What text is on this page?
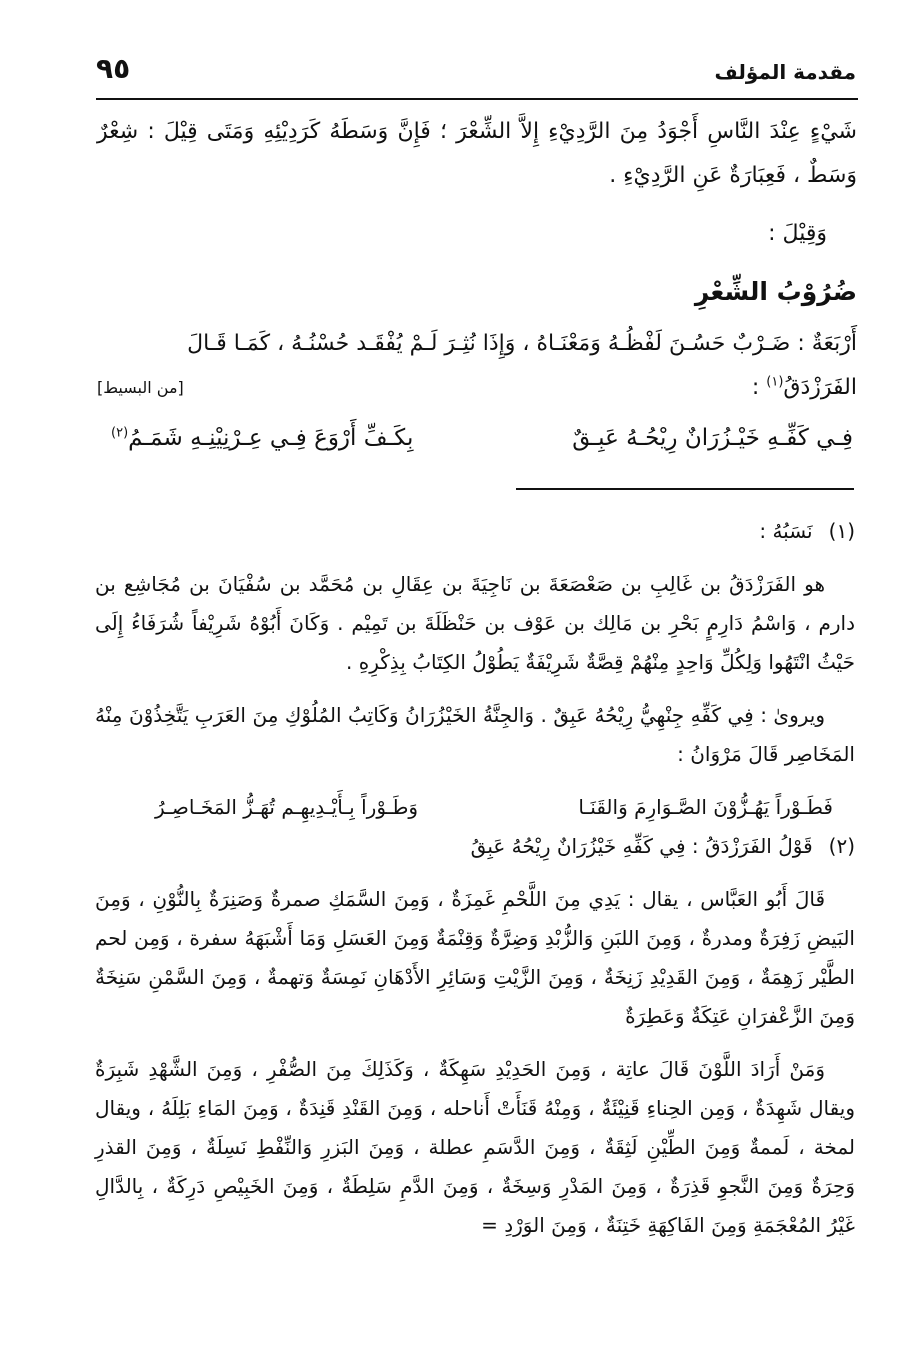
مقدمة المؤلف
٩٥

شَيْءٍ عِنْدَ النَّاسِ أَجْوَدُ مِنَ الرَّدِيْءِ إِلاَّ الشِّعْرَ ؛ فَإِنَّ وَسَطَهُ كَرَدِيْئِهِ وَمَتَى قِيْلَ : شِعْرٌ وَسَطٌ ، فَعِبَارَةٌ عَنِ الرَّدِيْءِ .

وَقِيْلَ :

ضُرُوْبُ الشِّعْرِ

أَرْبَعَةٌ : ضَـرْبٌ حَسُـنَ لَفْظُـهُ وَمَعْنَـاهُ ، وَإِذَا نُثِـرَ لَـمْ يُفْقَـد حُسْنُـهُ ، كَمَـا قَـالَ

الفَرَزْدَقُ$^{(١)}$ :
[من البسيط]

فِـي كَفِّـهِ خَيْـزُرَانٌ رِيْحُـهُ عَبِـقٌ
بِكَـفِّ أَرْوَعَ فِـي عِـرْنِيْنِـهِ شَمَـمُ$^{(٢)}$

(١)
نَسَبُهُ :

هو الفَرَزْدَقُ بن غَالِبِ بن صَعْصَعَةَ بن نَاجِيَةَ بن عِقَالِ بن مُحَمَّد بن سُفْيَانَ بن مُجَاشِع بن دارم ، وَاسْمُ دَارِمٍ بَحْرِ بن مَالِك بن عَوْف بن حَنْظَلَةَ بن تَمِيْم . وَكَانَ أَبُوْهُ شَرِيْفاً شُرَفَاءُ إِلَى حَيْثُ انْتَهُوا وَلِكُلِّ وَاحِدٍ مِنْهُمْ قِصَّةٌ شَرِيْفَةٌ يَطُوْلُ الكِتَابُ بِذِكْرِهِ .

ويروىٰ : فِي كَفِّهِ جِنْهِيُّ رِيْحُهُ عَبِقٌ . وَالجِنَّةُ الخَيْزُرَانُ وَكَاتِبُ المُلُوْكِ مِنَ العَرَبِ يَتَّخِذُوْنَ مِنْهُ المَخَاصِر قَالَ مَرْوَانُ :

فَطَـوْراً يَهُـزُّوْنَ الصَّـوَارِمَ وَالقَنَـا
وَطَـوْراً بِـأَيْـدِيهِـم تُهَـزُّ المَخَـاصِـرُ

(٢)
قَوْلُ الفَرَزْدَقُ : فِي كَفِّهِ خَيْزُرَانٌ رِيْحُهُ عَبِقُ

قَالَ أَبُو العَبَّاس ، يقال : يَدِي مِنَ اللَّحْمِ غَمِزَةٌ ، وَمِنَ السَّمَكِ صمرةٌ وَصَنِرَةٌ بِالنُّوْنِ ، وَمِنَ البَيضِ زَفِرَةٌ ومدرةٌ ، وَمِنَ اللبَنِ وَالزُّبْدِ وَضِرَّةٌ وَقِنْمَةٌ وَمِنَ العَسَلِ وَمَا أَشْبَهَهُ سفرة ، وَمِن لحم الطَّيْر زَهِمَةٌ ، وَمِنَ القَدِيْدِ زَنِخَةٌ ، وَمِنَ الزَّيْتِ وَسَائِرِ الأَدْهَانِ نَمِسَةٌ وَتهمةٌ ، وَمِنَ السَّمْنِ سَنِخَةٌ وَمِنَ الزَّعْفرَانِ عَتِكَةٌ وَعَطِرَةٌ

وَمَنْ أَرَادَ اللَّوْنَ قَالَ عاتِة ، وَمِنَ الحَدِيْدِ سَهِكَةٌ ، وَكَذَلِكَ مِنَ الصُّفْرِ ، وَمِنَ الشَّهْدِ شَبِرَةٌ ويقال شَهِدَةٌ ، وَمِن الحِناءِ قَنِيْئَةٌ ، وَمِنْهُ قَنَأَتْ أَناحله ، وَمِنَ القَنْدِ قَنِدَةٌ ، وَمِنَ المَاءِ بَلِلَهُ ، ويقال لمخة ، لَممةٌ وَمِنَ الطِّيْنِ لَثِقَةٌ ، وَمِنَ الدَّسَمِ عطلة ، وَمِنَ البَزرِ وَالنِّفْطِ نَسِلَةٌ ، وَمِنَ القذرِ وَحِرَةٌ وَمِنَ النَّجوِ قَذِرَةٌ ، وَمِنَ المَدْرِ وَسِخَةٌ ، وَمِنَ الدَّمِ سَلِطَةٌ ، وَمِنَ الخَبِيْصِ دَرِكَةٌ ، بِالدَّالِ غَيْرُ المُعْجَمَةِ وَمِنَ الفَاكِهَةِ خَتِنَةٌ ، وَمِنَ الوَرْدِ =
